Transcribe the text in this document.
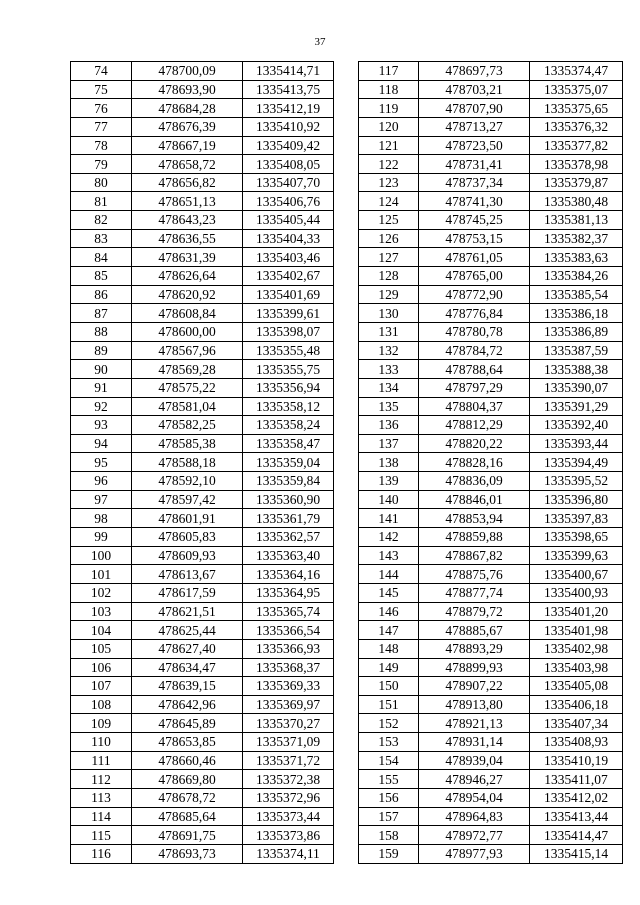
37
74	478700,09	1335414,71
75	478693,90	1335413,75
76	478684,28	1335412,19
77	478676,39	1335410,92
78	478667,19	1335409,42
79	478658,72	1335408,05
80	478656,82	1335407,70
81	478651,13	1335406,76
82	478643,23	1335405,44
83	478636,55	1335404,33
84	478631,39	1335403,46
85	478626,64	1335402,67
86	478620,92	1335401,69
87	478608,84	1335399,61
88	478600,00	1335398,07
89	478567,96	1335355,48
90	478569,28	1335355,75
91	478575,22	1335356,94
92	478581,04	1335358,12
93	478582,25	1335358,24
94	478585,38	1335358,47
95	478588,18	1335359,04
96	478592,10	1335359,84
97	478597,42	1335360,90
98	478601,91	1335361,79
99	478605,83	1335362,57
100	478609,93	1335363,40
101	478613,67	1335364,16
102	478617,59	1335364,95
103	478621,51	1335365,74
104	478625,44	1335366,54
105	478627,40	1335366,93
106	478634,47	1335368,37
107	478639,15	1335369,33
108	478642,96	1335369,97
109	478645,89	1335370,27
110	478653,85	1335371,09
111	478660,46	1335371,72
112	478669,80	1335372,38
113	478678,72	1335372,96
114	478685,64	1335373,44
115	478691,75	1335373,86
116	478693,73	1335374,11
117	478697,73	1335374,47
118	478703,21	1335375,07
119	478707,90	1335375,65
120	478713,27	1335376,32
121	478723,50	1335377,82
122	478731,41	1335378,98
123	478737,34	1335379,87
124	478741,30	1335380,48
125	478745,25	1335381,13
126	478753,15	1335382,37
127	478761,05	1335383,63
128	478765,00	1335384,26
129	478772,90	1335385,54
130	478776,84	1335386,18
131	478780,78	1335386,89
132	478784,72	1335387,59
133	478788,64	1335388,38
134	478797,29	1335390,07
135	478804,37	1335391,29
136	478812,29	1335392,40
137	478820,22	1335393,44
138	478828,16	1335394,49
139	478836,09	1335395,52
140	478846,01	1335396,80
141	478853,94	1335397,83
142	478859,88	1335398,65
143	478867,82	1335399,63
144	478875,76	1335400,67
145	478877,74	1335400,93
146	478879,72	1335401,20
147	478885,67	1335401,98
148	478893,29	1335402,98
149	478899,93	1335403,98
150	478907,22	1335405,08
151	478913,80	1335406,18
152	478921,13	1335407,34
153	478931,14	1335408,93
154	478939,04	1335410,19
155	478946,27	1335411,07
156	478954,04	1335412,02
157	478964,83	1335413,44
158	478972,77	1335414,47
159	478977,93	1335415,14
